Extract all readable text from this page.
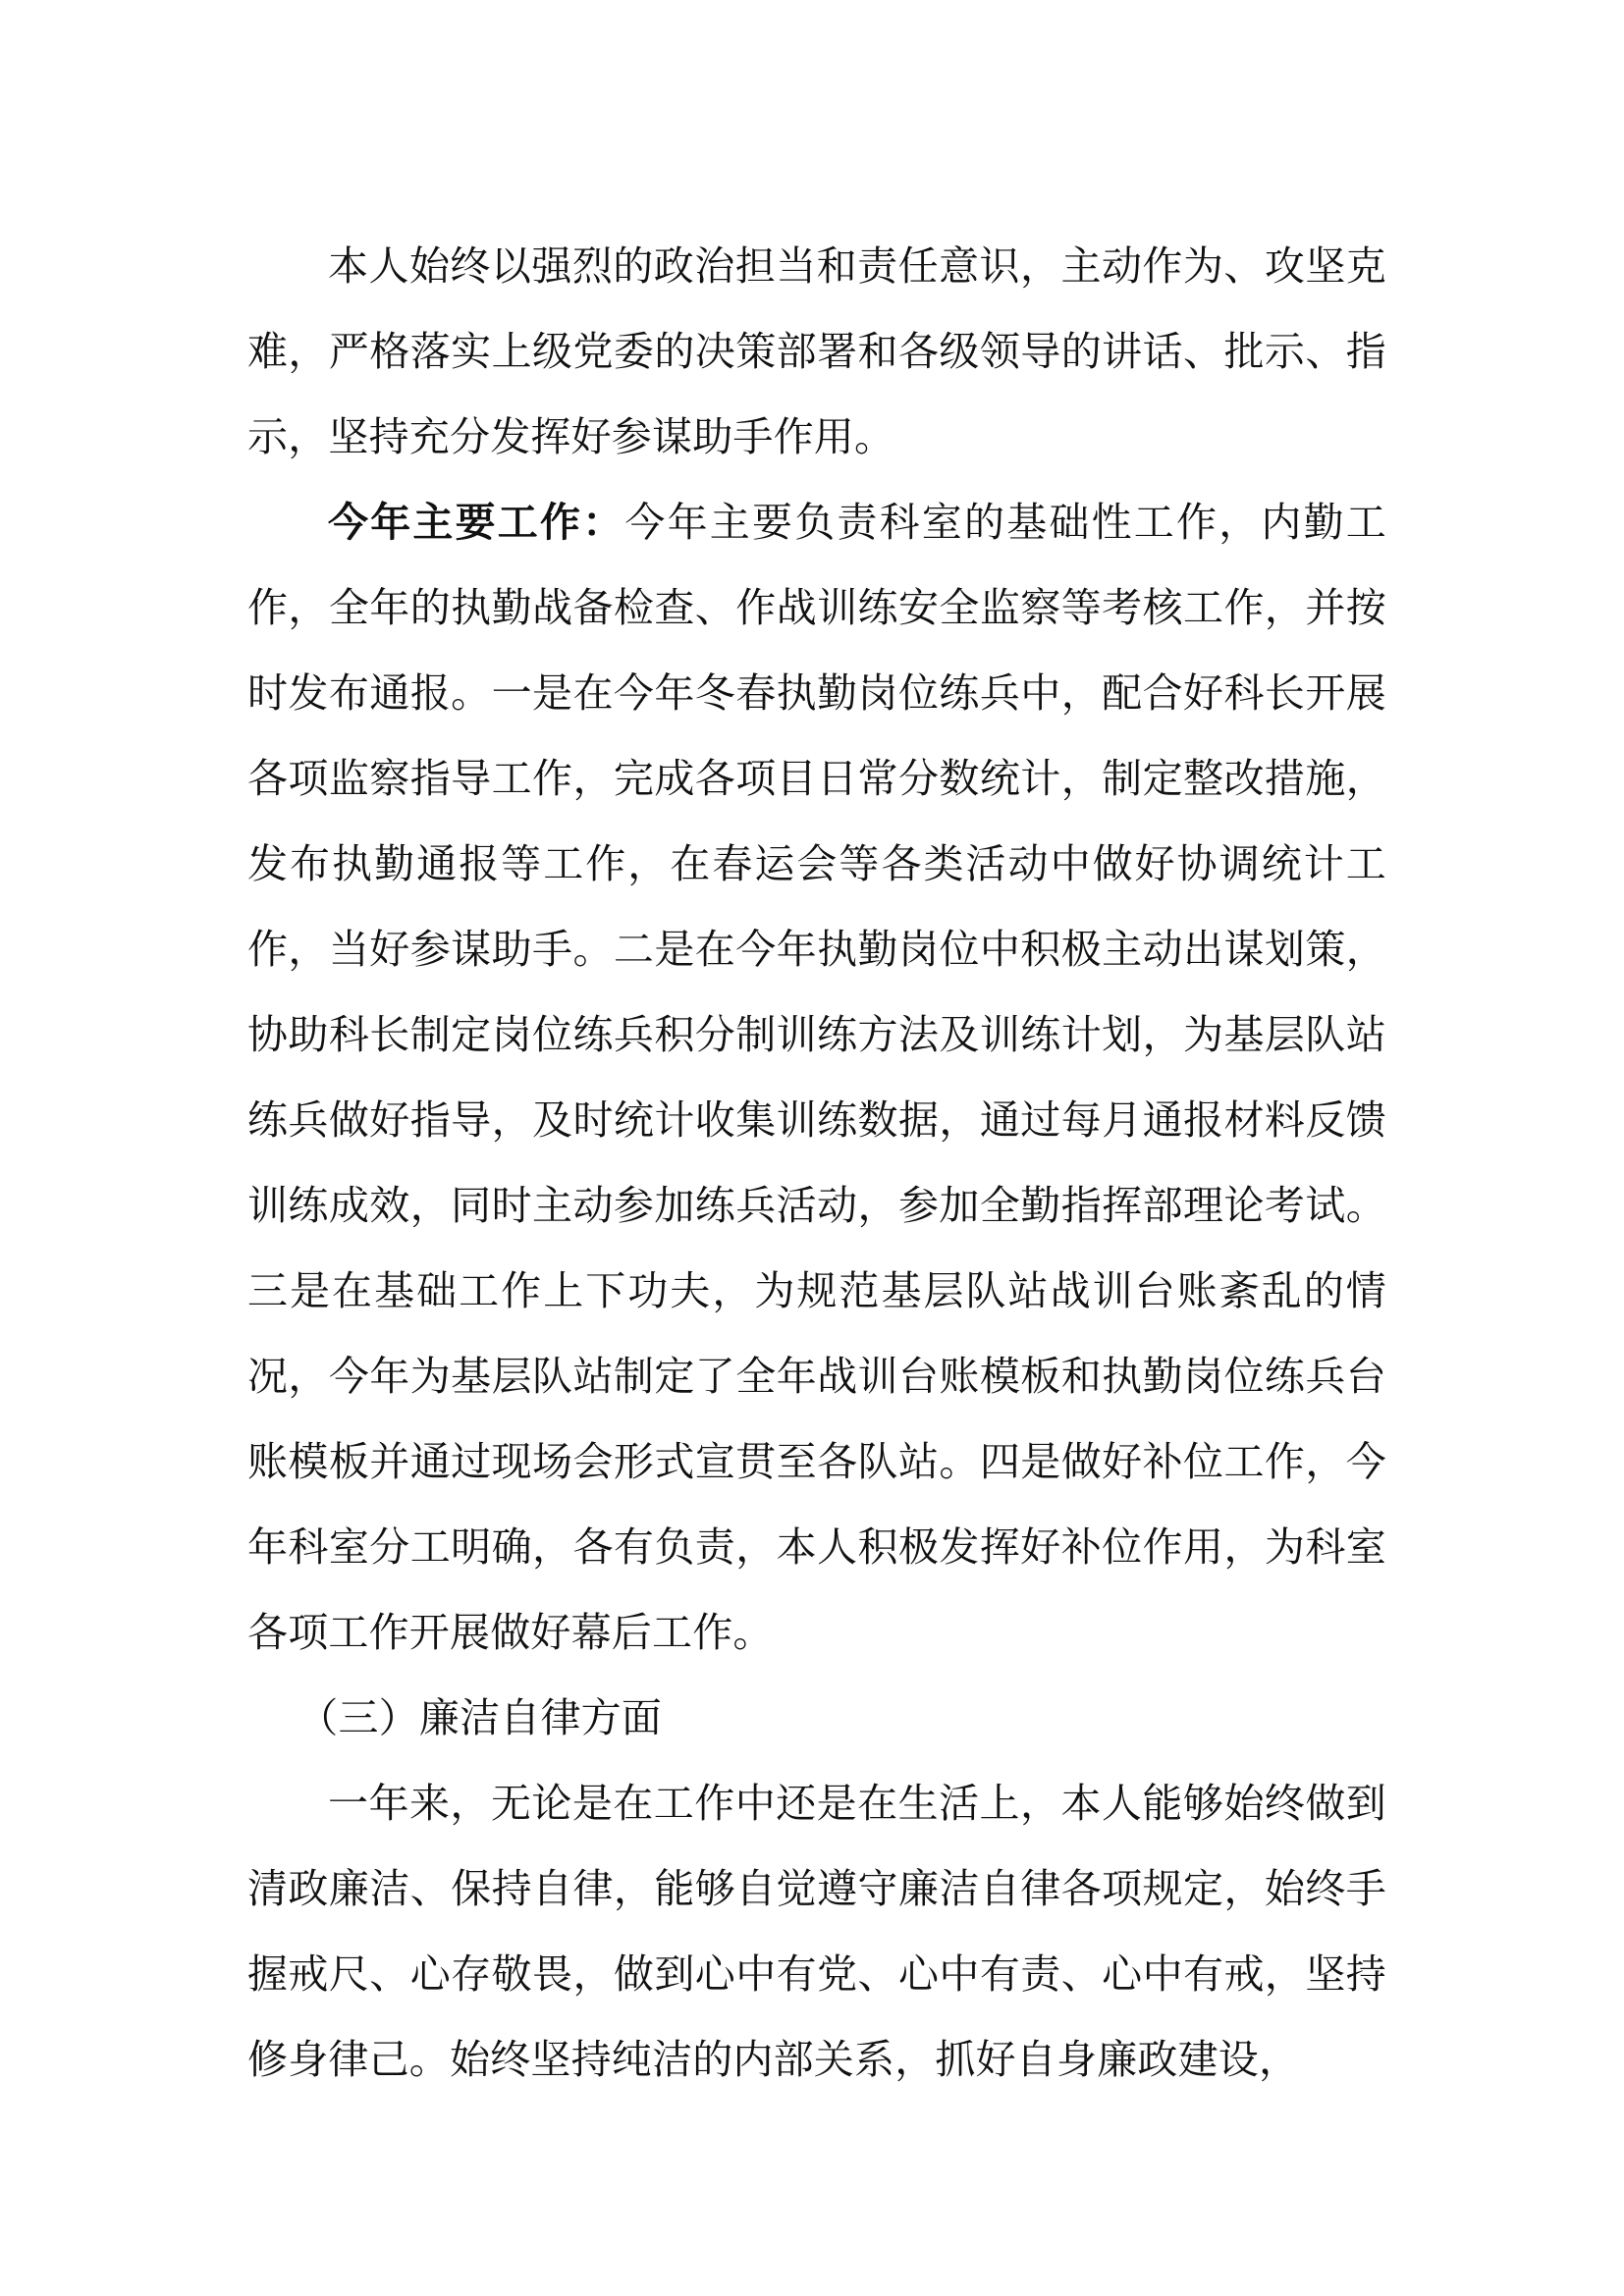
本人始终以强烈的政治担当和责任意识，主动作为、攻坚克难，严格落实上级党委的决策部署和各级领导的讲话、批示、指示，坚持充分发挥好参谋助手作用。

今年主要工作：今年主要负责科室的基础性工作，内勤工作，全年的执勤战备检查、作战训练安全监察等考核工作，并按时发布通报。一是在今年冬春执勤岗位练兵中，配合好科长开展各项监察指导工作，完成各项目日常分数统计，制定整改措施，发布执勤通报等工作，在春运会等各类活动中做好协调统计工作，当好参谋助手。二是在今年执勤岗位中积极主动出谋划策，协助科长制定岗位练兵积分制训练方法及训练计划，为基层队站练兵做好指导，及时统计收集训练数据，通过每月通报材料反馈训练成效，同时主动参加练兵活动，参加全勤指挥部理论考试。三是在基础工作上下功夫，为规范基层队站战训台账紊乱的情况，今年为基层队站制定了全年战训台账模板和执勤岗位练兵台账模板并通过现场会形式宣贯至各队站。四是做好补位工作，今年科室分工明确，各有负责，本人积极发挥好补位作用，为科室各项工作开展做好幕后工作。

（三）廉洁自律方面

一年来，无论是在工作中还是在生活上，本人能够始终做到清政廉洁、保持自律，能够自觉遵守廉洁自律各项规定，始终手握戒尺、心存敬畏，做到心中有党、心中有责、心中有戒，坚持修身律己。始终坚持纯洁的内部关系，抓好自身廉政建设，
